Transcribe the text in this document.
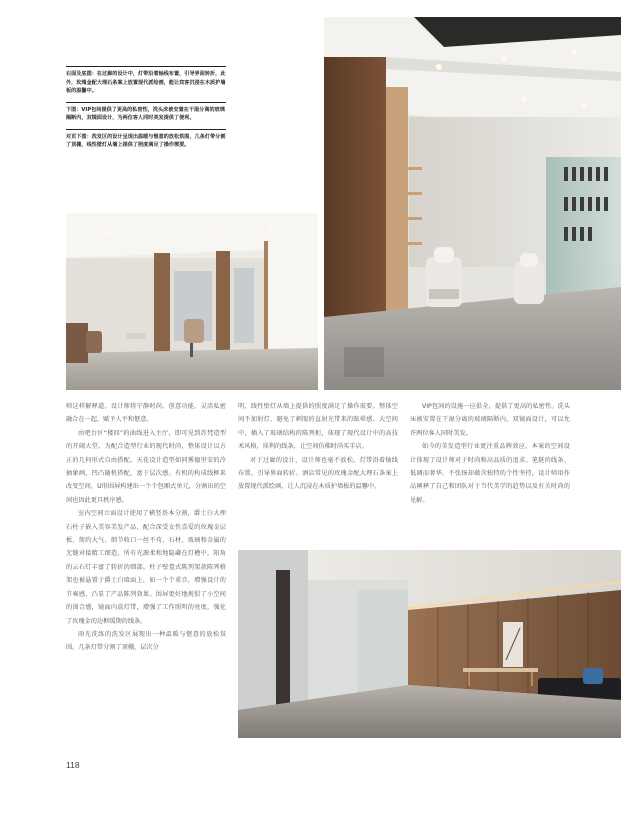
右面及底图：在过廊的设计中，灯带沿着轴线布置，引导界面转折，此外，玫瑰金配大理石条案上放置现代派绘画，能让宾客沉浸在木质护墙板的温馨中。
下图：VIP包间提供了更高的私密性，洗头床被安置在干湿分离的玻璃隔断内，双镜面设计，为两位客人同时美发提供了便利。
对页下图：洗发区的设计呈现出温暖与惬意的放松氛围，几条灯带分割了顶棚，线性壁灯从墙上提供了照度满足了操作需要。

师这样解释道。设计师将宁静时尚、创意功能、灵活私密融合在一起，赋予人平和惬意。

由吧台区“楼回”的曲线进入主厅，即可见到苏梵造型的开阔大堂。为配合造型行业的现代时尚，整体设计以方正的几何形式自由搭配。天花设计造型如同雾德里安的冷抽象画，凹凸随机搭配，富于层次感。有机的构成线框来改变空间，U形围屏构建出一个个包厢式单元，分割出的空间也因此更具秩序感。

室内空间立面设计使用了横竖基本分割，爵士白大理石柱子嵌入美容美发产品，配合深受女性喜爱的玫瑰金层板，简约大气。细节收口一丝不苟，石材、玻璃和金属的无缝对接精工细造，所有光源柔和地隐藏在灯槽中，阳角的云石灯丰富了转折的细部。柱子壁龛式陈列架款陈列格架也被悬置于爵士白墙面上，如一个个重音，增强设计的节奏感，凸显了产品陈列效果。围屏更好地规俱了小空间的围合感，镜面内盒灯带，增强了工作照明的亮度，强化了玫瑰金的边框缓期的线条。

雨光洗练的洗发区展现出一种温暖与惬意的放松氛围。几条灯带分割了顶棚，层次分

明，线性壁灯从墙上提供的照度满足了操作需要。整体空间不加射灯，避免了刺眼的直射光带来的眩晕感。大空间中，插入了玻璃结构的陈列柜，体现了现代设计中的高技术风格，犀利的线条，让空间仿佛时尚买手店。

对于过廊的设计，设计师也毫不放松。灯带沿着轴线布置，引导界面转折。酒店常见的玫瑰金配大理石条案上放置现代派绘画，让人沉浸在木质护墙板的温馨中。

VIP包间的设施一应俱全，提供了更高的私密性。洗头床被安置在干湿分离的玻璃隔断内，双镜面设计，可以允许两位客人同时美发。

如今的美发造型行业更注重品牌效应，本案的空间设计体现了设计师对于时尚和高品质的追求。笔挺的线条、低调而奢华，不张扬却蕴含独特的个性坚持，设计师用作品阐释了自己和团队对于当代美学的趋势以及有关时尚的见解。

118
